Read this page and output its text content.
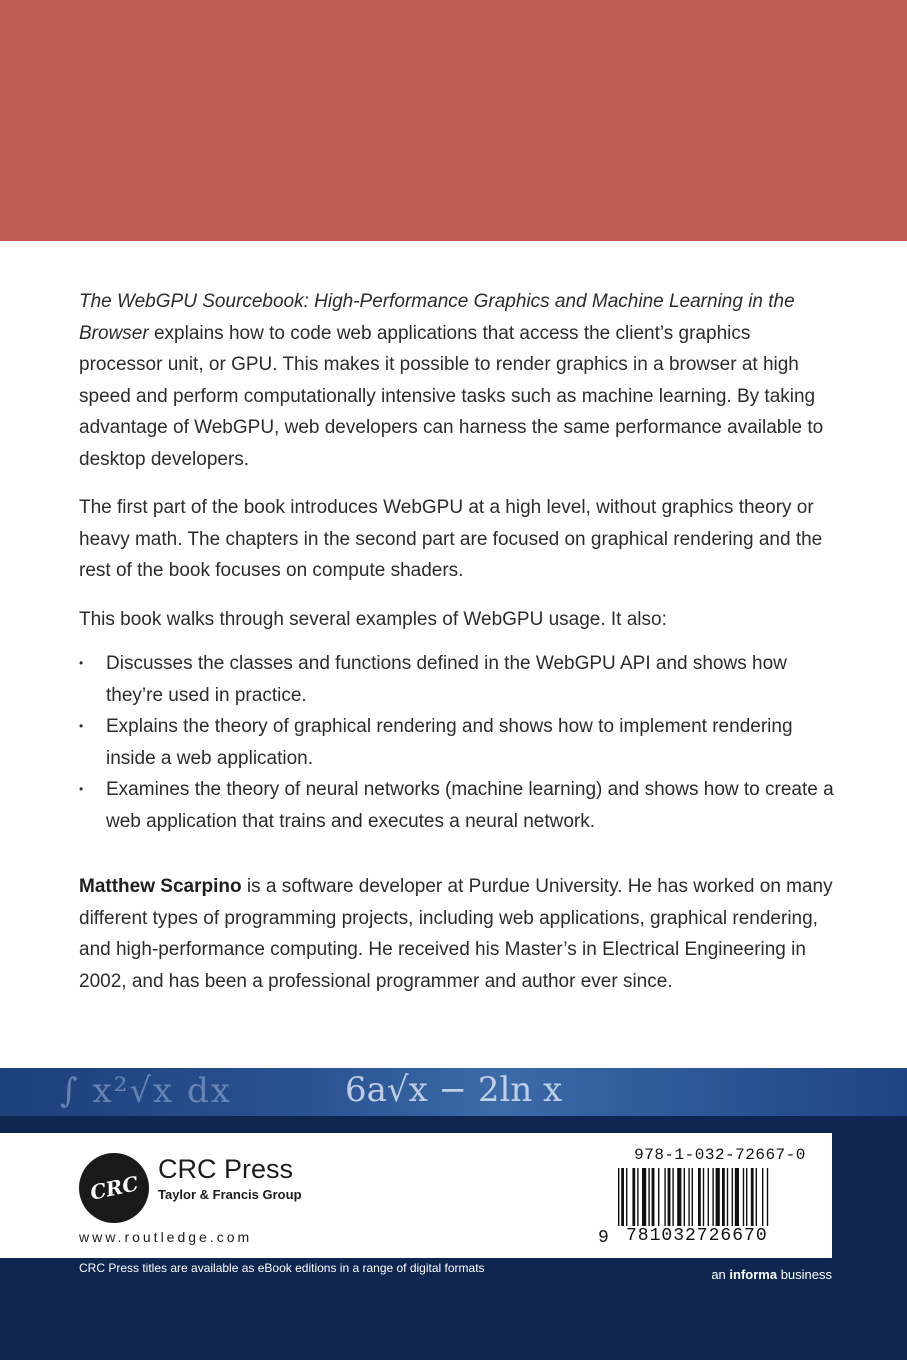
The WebGPU Sourcebook: High-Performance Graphics and Machine Learning in the Browser explains how to code web applications that access the client’s graphics processor unit, or GPU. This makes it possible to render graphics in a browser at high speed and perform computationally intensive tasks such as machine learning. By taking advantage of WebGPU, web developers can harness the same performance available to desktop developers.

The first part of the book introduces WebGPU at a high level, without graphics theory or heavy math. The chapters in the second part are focused on graphical rendering and the rest of the book focuses on compute shaders.

This book walks through several examples of WebGPU usage. It also:

• Discusses the classes and functions defined in the WebGPU API and shows how they’re used in practice.
• Explains the theory of graphical rendering and shows how to implement rendering inside a web application.
• Examines the theory of neural networks (machine learning) and shows how to create a web application that trains and executes a neural network.
Matthew Scarpino is a software developer at Purdue University. He has worked on many different types of programming projects, including web applications, graphical rendering, and high-performance computing. He received his Master’s in Electrical Engineering in 2002, and has been a professional programmer and author ever since.
∫ x²√x dx	6a√x − 2ln x
CRC
CRC Press
Taylor & Francis Group
www.routledge.com
978-1-032-72667-0
9 781032726670
CRC Press titles are available as eBook editions in a range of digital formats	an informa business
